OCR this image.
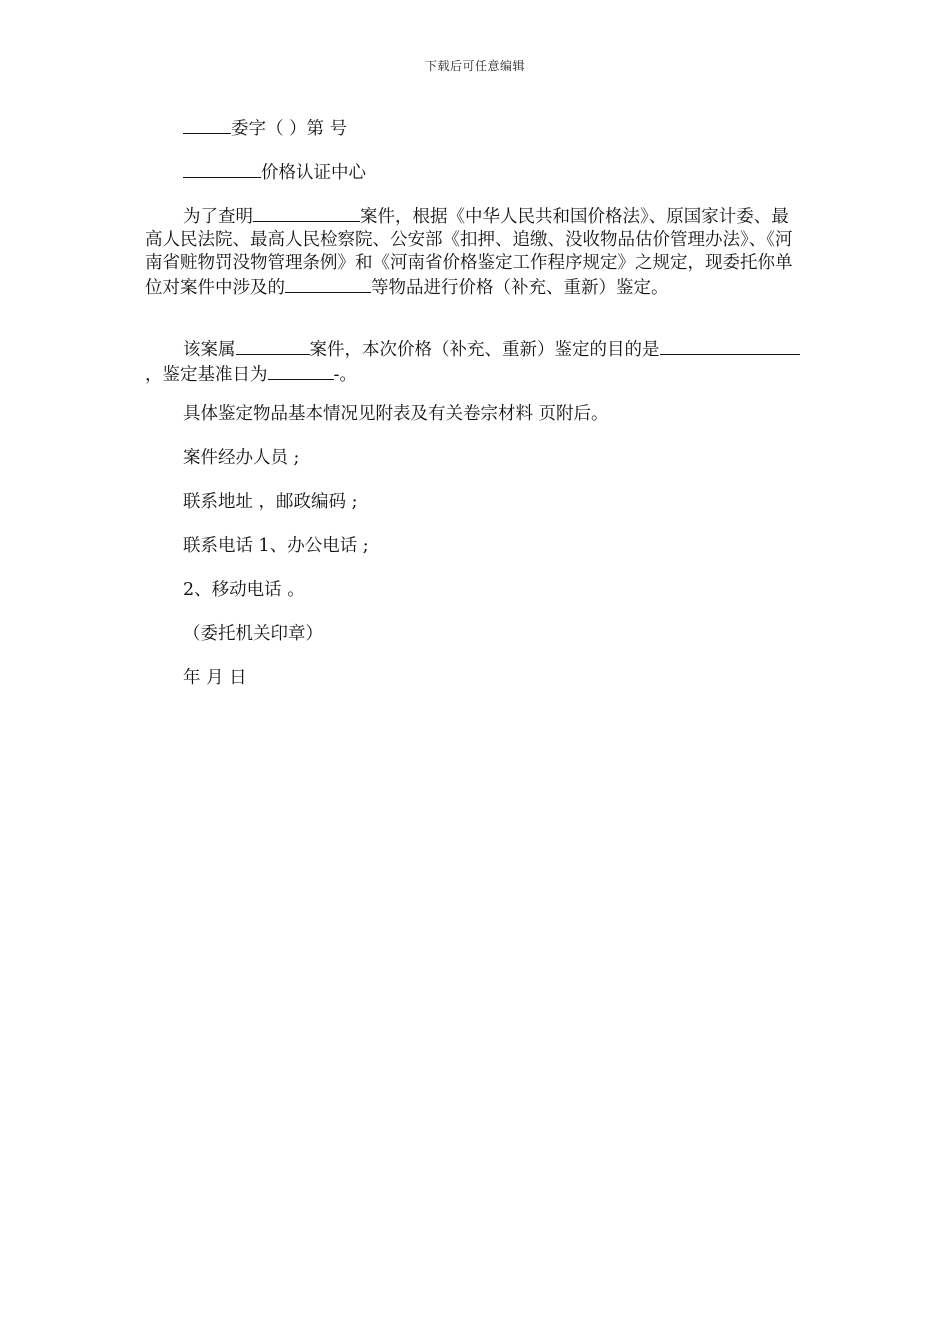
下载后可任意编辑

委字（ ）第 号

价格认证中心

为了查明	案件，根据《中华人民共和国价格法》、原国家计委、最高人民法院、最高人民检察院、公安部《扣押、追缴、没收物品估价管理办法》、《河南省赃物罚没物管理条例》和《河南省价格鉴定工作程序规定》之规定，现委托你单位对案件中涉及的	等物品进行价格（补充、重新）鉴定。

该案属	案件，本次价格（补充、重新）鉴定的目的是，鉴定基准日为	-。

具体鉴定物品基本情况见附表及有关卷宗材料 页附后。

案件经办人员 ;

联系地址 ，邮政编码 ;

联系电话 1、办公电话 ;

2、移动电话 。

（委托机关印章）

年 月 日
